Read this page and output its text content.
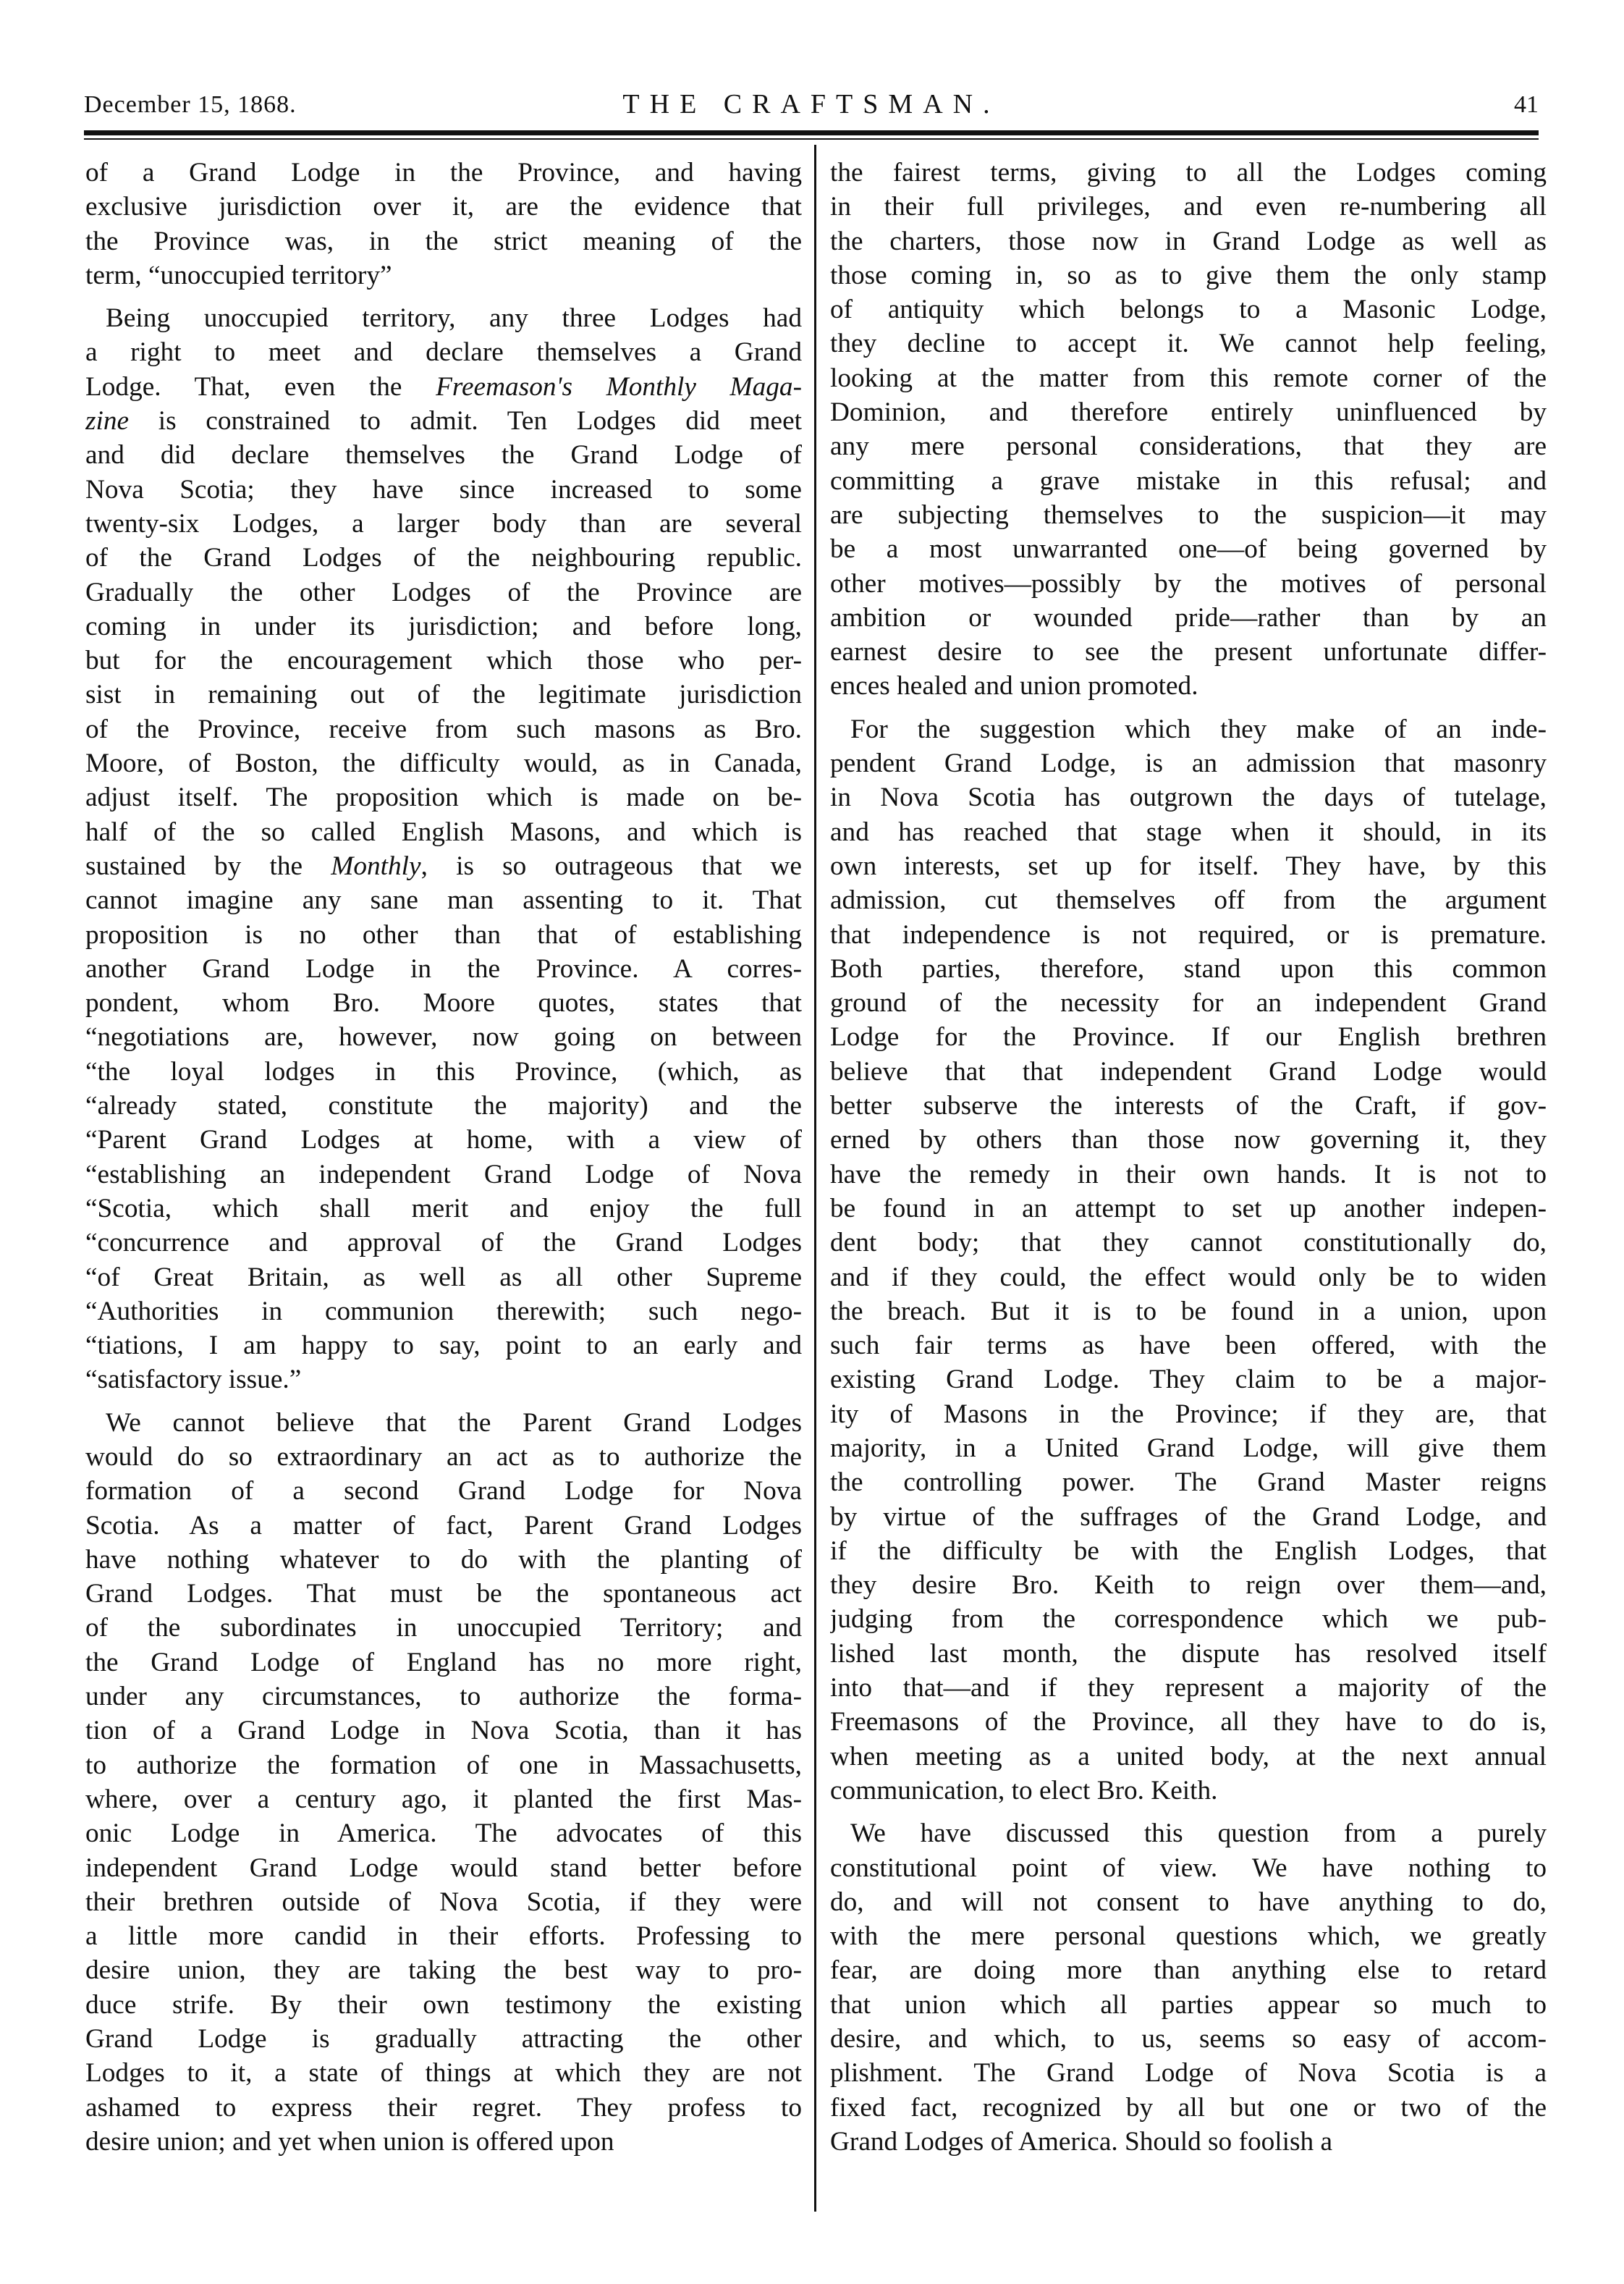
December 15, 1868.	THE CRAFTSMAN.	41
of a Grand Lodge in the Province, and having
exclusive jurisdiction over it, are the evidence that
the Province was, in the strict meaning of the
term, “unoccupied territory”
Being unoccupied territory, any three Lodges had
a right to meet and declare themselves a Grand
Lodge. That, even the Freemason's Monthly Maga-
zine is constrained to admit. Ten Lodges did meet
and did declare themselves the Grand Lodge of
Nova Scotia; they have since increased to some
twenty-six Lodges, a larger body than are several
of the Grand Lodges of the neighbouring republic.
Gradually the other Lodges of the Province are
coming in under its jurisdiction; and before long,
but for the encouragement which those who per-
sist in remaining out of the legitimate jurisdiction
of the Province, receive from such masons as Bro.
Moore, of Boston, the difficulty would, as in Canada,
adjust itself. The proposition which is made on be-
half of the so called English Masons, and which is
sustained by the Monthly, is so outrageous that we
cannot imagine any sane man assenting to it. That
proposition is no other than that of establishing
another Grand Lodge in the Province. A corres-
pondent, whom Bro. Moore quotes, states that
“negotiations are, however, now going on between
“the loyal lodges in this Province, (which, as
“already stated, constitute the majority) and the
“Parent Grand Lodges at home, with a view of
“establishing an independent Grand Lodge of Nova
“Scotia, which shall merit and enjoy the full
“concurrence and approval of the Grand Lodges
“of Great Britain, as well as all other Supreme
“Authorities in communion therewith; such nego-
“tiations, I am happy to say, point to an early and
“satisfactory issue.”
We cannot believe that the Parent Grand Lodges
would do so extraordinary an act as to authorize the
formation of a second Grand Lodge for Nova
Scotia. As a matter of fact, Parent Grand Lodges
have nothing whatever to do with the planting of
Grand Lodges. That must be the spontaneous act
of the subordinates in unoccupied Territory; and
the Grand Lodge of England has no more right,
under any circumstances, to authorize the forma-
tion of a Grand Lodge in Nova Scotia, than it has
to authorize the formation of one in Massachusetts,
where, over a century ago, it planted the first Mas-
onic Lodge in America. The advocates of this
independent Grand Lodge would stand better before
their brethren outside of Nova Scotia, if they were
a little more candid in their efforts. Professing to
desire union, they are taking the best way to pro-
duce strife. By their own testimony the existing
Grand Lodge is gradually attracting the other
Lodges to it, a state of things at which they are not
ashamed to express their regret. They profess to
desire union; and yet when union is offered upon
the fairest terms, giving to all the Lodges coming
in their full privileges, and even re-numbering all
the charters, those now in Grand Lodge as well as
those coming in, so as to give them the only stamp
of antiquity which belongs to a Masonic Lodge,
they decline to accept it. We cannot help feeling,
looking at the matter from this remote corner of the
Dominion, and therefore entirely uninfluenced by
any mere personal considerations, that they are
committing a grave mistake in this refusal; and
are subjecting themselves to the suspicion—it may
be a most unwarranted one—of being governed by
other motives—possibly by the motives of personal
ambition or wounded pride—rather than by an
earnest desire to see the present unfortunate differ-
ences healed and union promoted.
For the suggestion which they make of an inde-
pendent Grand Lodge, is an admission that masonry
in Nova Scotia has outgrown the days of tutelage,
and has reached that stage when it should, in its
own interests, set up for itself. They have, by this
admission, cut themselves off from the argument
that independence is not required, or is premature.
Both parties, therefore, stand upon this common
ground of the necessity for an independent Grand
Lodge for the Province. If our English brethren
believe that that independent Grand Lodge would
better subserve the interests of the Craft, if gov-
erned by others than those now governing it, they
have the remedy in their own hands. It is not to
be found in an attempt to set up another indepen-
dent body; that they cannot constitutionally do,
and if they could, the effect would only be to widen
the breach. But it is to be found in a union, upon
such fair terms as have been offered, with the
existing Grand Lodge. They claim to be a major-
ity of Masons in the Province; if they are, that
majority, in a United Grand Lodge, will give them
the controlling power. The Grand Master reigns
by virtue of the suffrages of the Grand Lodge, and
if the difficulty be with the English Lodges, that
they desire Bro. Keith to reign over them—and,
judging from the correspondence which we pub-
lished last month, the dispute has resolved itself
into that—and if they represent a majority of the
Freemasons of the Province, all they have to do is,
when meeting as a united body, at the next annual
communication, to elect Bro. Keith.
We have discussed this question from a purely
constitutional point of view. We have nothing to
do, and will not consent to have anything to do,
with the mere personal questions which, we greatly
fear, are doing more than anything else to retard
that union which all parties appear so much to
desire, and which, to us, seems so easy of accom-
plishment. The Grand Lodge of Nova Scotia is a
fixed fact, recognized by all but one or two of the
Grand Lodges of America. Should so foolish a
